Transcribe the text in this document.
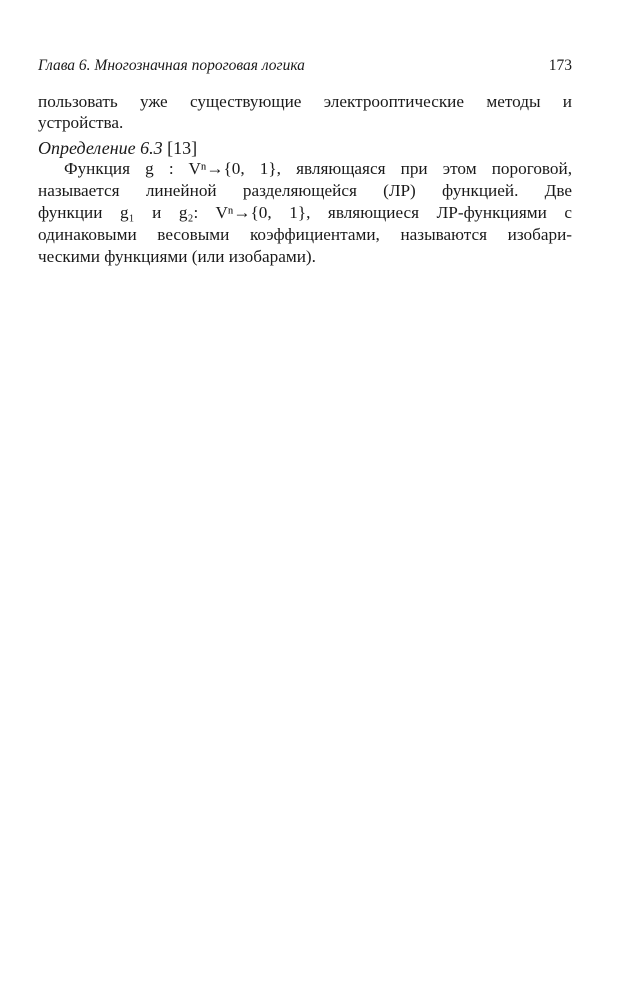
Глава 6. Многозначная пороговая логика	173
пользовать уже существующие электрооптические методы и
устройства.
Определение 6.3 [13]
Функция g : Vⁿ→{0, 1}, являющаяся при этом пороговой,
называется линейной разделяющейся (ЛР) функцией. Две
функции g₁ и g₂: Vⁿ→{0, 1}, являющиеся ЛР-функциями с
одинаковыми весовыми коэффициентами, называются изобари-
ческими функциями (или изобарами).
